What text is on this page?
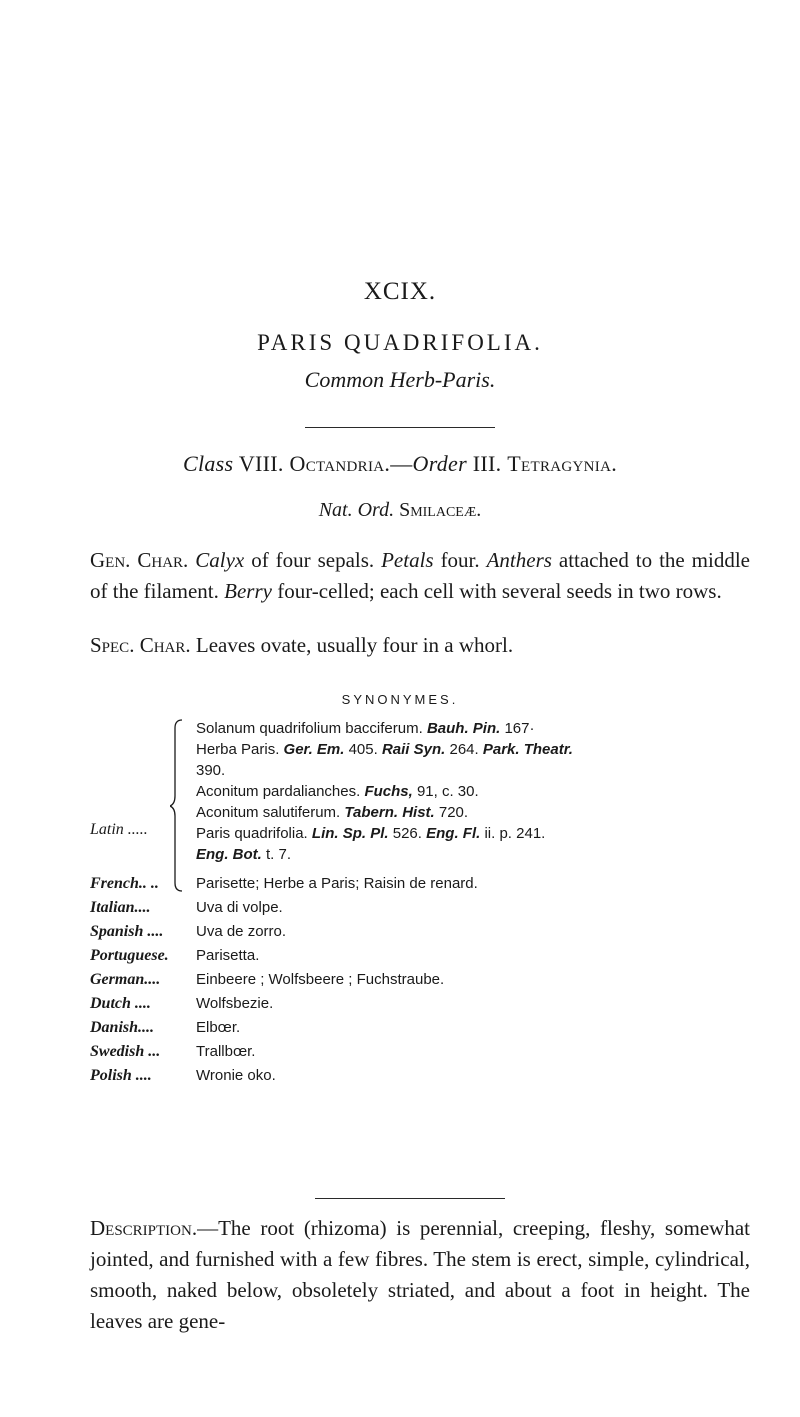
XCIX.
PARIS QUADRIFOLIA.
Common Herb-Paris.
Class VIII. Octandria.—Order III. Tetragynia.
Nat. Ord. Smilaceæ.
Gen. Char. Calyx of four sepals. Petals four. Anthers attached to the middle of the filament. Berry four-celled; each cell with several seeds in two rows.
Spec. Char. Leaves ovate, usually four in a whorl.
SYNONYMES.
Latin .....
Solanum quadrifolium bacciferum. Bauh. Pin. 167·
Herba Paris. Ger. Em. 405. Raii Syn. 264. Park. Theatr.
390.
Aconitum pardalianches. Fuchs, 91, c. 30.
Aconitum salutiferum. Tabern. Hist. 720.
Paris quadrifolia. Lin. Sp. Pl. 526. Eng. Fl. ii. p. 241.
Eng. Bot. t. 7.
French.. .. Parisette; Herbe a Paris; Raisin de renard.
Italian....	Uva di volpe.
Spanish .... Uva de zorro.
Portuguese. Parisetta.
German.... Einbeere ; Wolfsbeere ; Fuchstraube.
Dutch ....	Wolfsbezie.
Danish....	Elbœr.
Swedish ... Trallbœr.
Polish ....	Wronie oko.
Description.—The root (rhizoma) is perennial, creeping, fleshy, somewhat jointed, and furnished with a few fibres. The stem is erect, simple, cylindrical, smooth, naked below, obsoletely striated, and about a foot in height. The leaves are gene-
